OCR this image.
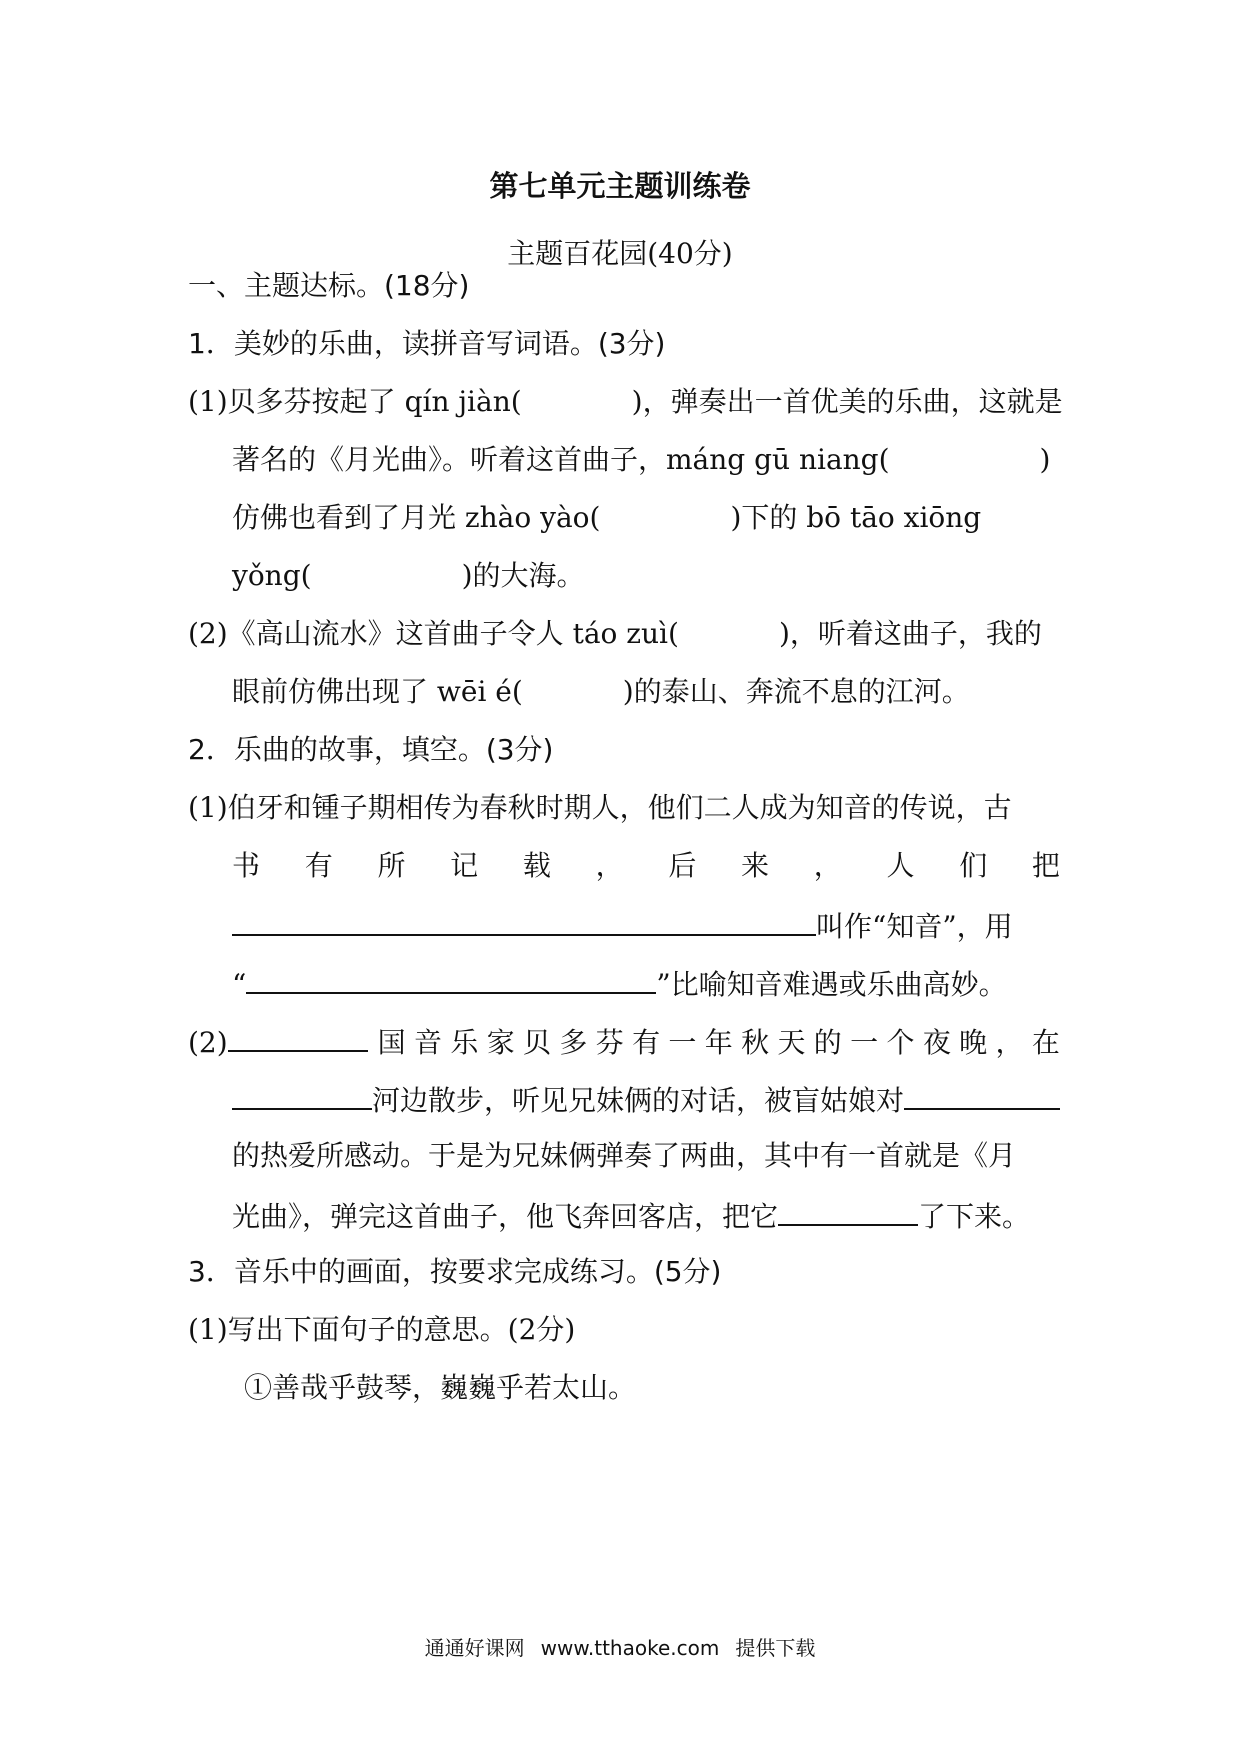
第七单元主题训练卷
主题百花园(40分)
一、主题达标。(18分)
1．美妙的乐曲，读拼音写词语。(3分)
(1)贝多芬按起了 qín jiàn(	)，弹奏出一首优美的乐曲，这就是
著名的《月光曲》。听着这首曲子，máng gū niang(	)
仿佛也看到了月光 zhào yào(	)下的 bō tāo xiōng
yǒng(	)的大海。
(2)《高山流水》这首曲子令人 táo zuì(	)，听着这曲子，我的
眼前仿佛出现了 wēi é(	)的泰山、奔流不息的江河。
2．乐曲的故事，填空。(3分)
(1)伯牙和锺子期相传为春秋时期人，他们二人成为知音的传说，古
书 有 所 记 载 ， 后 来 ， 人 们 把
叫作“知音”，用
“	”比喻知音难遇或乐曲高妙。
(2)	国 音 乐 家 贝 多 芬 有 一 年 秋 天 的 一 个 夜 晚 ， 在
河边散步，听见兄妹俩的对话，被盲姑娘对
的热爱所感动。于是为兄妹俩弹奏了两曲，其中有一首就是《月
光曲》，弹完这首曲子，他飞奔回客店，把它	了下来。
3．音乐中的画面，按要求完成练习。(5分)
(1)写出下面句子的意思。(2分)
①善哉乎鼓琴，巍巍乎若太山。
通通好课网 www.tthaoke.com 提供下载
